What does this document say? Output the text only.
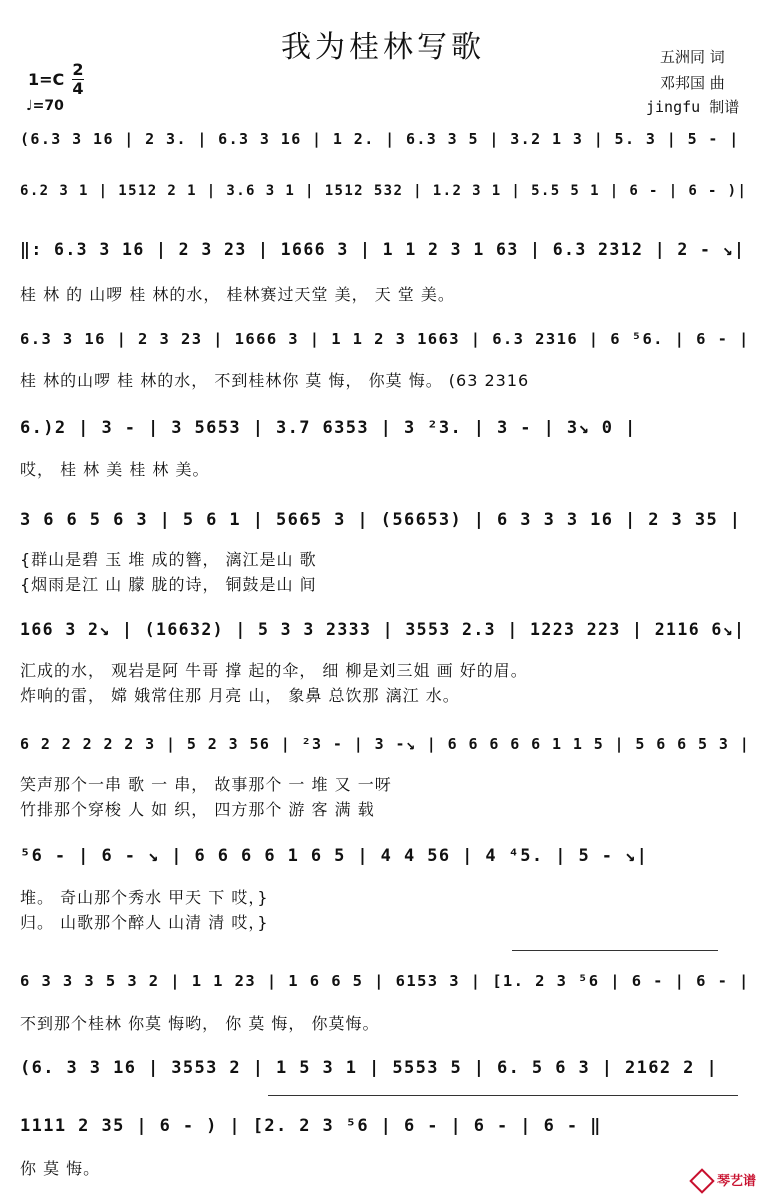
我为桂林写歌	五洲同 词
邓邦国 曲
jingfu 制谱
1=C
2
4
♩=70
(6.3 3 16 | 2 3. | 6.3 3 16 | 1 2. | 6.3 3 5 | 3.2 1 3 | 5. 3 | 5 - |
6.2 3 1 | 1512 2 1 | 3.6 3 1 | 1512 532 | 1.2 3 1 | 5.5 5 1 | 6 - | 6 - )|
‖: 6.3 3 16 | 2 3 23 | 1666 3 | 1 1 2 3 1 63 | 6.3 2312 | 2 - ↘|
桂 林 的 山啰 桂 林的水， 桂林赛过天堂 美， 天 堂 美。
6.3 3 16 | 2 3 23 | 1666 3 | 1 1 2 3 1663 | 6.3 2316 | 6 ⁵6. | 6 - |
桂 林的山啰 桂 林的水， 不到桂林你 莫 悔， 你莫 悔。 (63 2316
6.)2 | 3 - | 3 5653 | 3.7 6353 | 3 ²3. | 3 - | 3↘ 0 |
哎， 桂 林 美 桂 林 美。
3 6 6 5 6 3 | 5 6 1 | 5665 3 | (56653) | 6 3 3 3 16 | 2 3 35 |
{群山是碧 玉 堆 成的簪， 漓江是山 歌
{烟雨是江 山 朦 胧的诗， 铜鼓是山 间
166 3 2↘ | (16632) | 5 3 3 2333 | 3553 2.3 | 1223 223 | 2116 6↘|
汇成的水， 观岩是阿 牛哥 撑 起的伞， 细 柳是刘三姐 画 好的眉。
炸响的雷， 嫦 娥常住那 月亮 山， 象鼻 总饮那 漓江 水。
6 2 2 2 2 2 3 | 5 2 3 56 | ²3 - | 3 -↘ | 6 6 6 6 6 1 1 5 | 5 6 6 5 3 |
笑声那个一串 歌 一 串， 故事那个 一 堆 又 一呀
竹排那个穿梭 人 如 织， 四方那个 游 客 满 载
⁵6 - | 6 - ↘ | 6 6 6 6 1 6 5 | 4 4 56 | 4 ⁴5. | 5 - ↘|
堆。 奇山那个秀水 甲天 下 哎，}
归。 山歌那个醉人 山清 清 哎，}
6 3 3 3 5 3 2 | 1 1 23 | 1 6 6 5 | 6153 3 | [1. 2 3 ⁵6 | 6 - | 6 - |
不到那个桂林 你莫 悔哟， 你 莫 悔， 你莫悔。
(6. 3 3 16 | 3553 2 | 1 5 3 1 | 5553 5 | 6. 5 6 3 | 2162 2 |
1111 2 35 | 6 - ) | [2. 2 3 ⁵6 | 6 - | 6 - | 6 - ‖
你 莫 悔。
琴艺谱
